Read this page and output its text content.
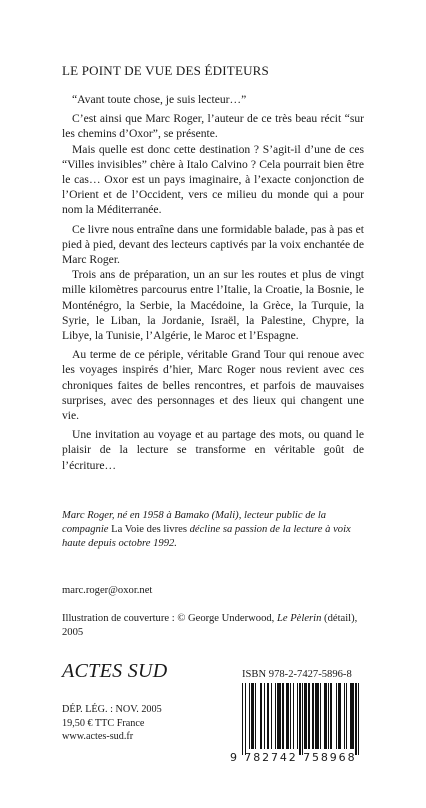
LE POINT DE VUE DES ÉDITEURS

“Avant toute chose, je suis lecteur…”

C’est ainsi que Marc Roger, l’auteur de ce très beau récit “sur les chemins d’Oxor”, se présente.

Mais quelle est donc cette destination ? S’agit-il d’une de ces “Villes invisibles” chère à Italo Calvino ? Cela pourrait bien être le cas… Oxor est un pays imaginaire, à l’exacte conjonction de l’Orient et de l’Occident, vers ce milieu du monde qui a pour nom la Méditerranée.

Ce livre nous entraîne dans une formidable balade, pas à pas et pied à pied, devant des lecteurs captivés par la voix enchantée de Marc Roger.

Trois ans de préparation, un an sur les routes et plus de vingt mille kilomètres parcourus entre l’Italie, la Croatie, la Bosnie, le Monténégro, la Serbie, la Macédoine, la Grèce, la Turquie, la Syrie, le Liban, la Jordanie, Israël, la Palestine, Chypre, la Libye, la Tunisie, l’Algérie, le Maroc et l’Espagne.

Au terme de ce périple, véritable Grand Tour qui renoue avec les voyages inspirés d’hier, Marc Roger nous revient avec ces chroniques faites de belles rencontres, et parfois de mauvaises surprises, avec des personnages et des lieux qui changent une vie.

Une invitation au voyage et au partage des mots, ou quand le plaisir de la lecture se transforme en véritable goût de l’écriture…

Marc Roger, né en 1958 à Bamako (Mali), lecteur public de la compagnie La Voie des livres décline sa passion de la lecture à voix haute depuis octobre 1992.
marc.roger@oxor.net
Illustration de couverture : © George Underwood, Le Pèlerin (détail), 2005
ACTES SUD	ISBN 978-2-7427-5896-8
DÉP. LÉG. : NOV. 2005
19,50 € TTC France
www.actes-sud.fr
9 782742 758968
